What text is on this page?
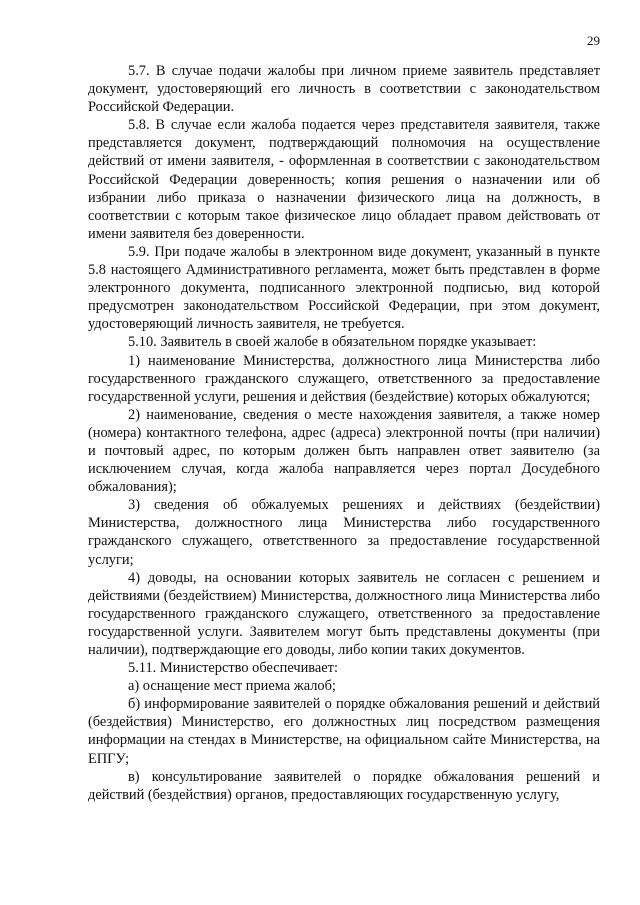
29

5.7. В случае подачи жалобы при личном приеме заявитель представляет документ, удостоверяющий его личность в соответствии с законодательством Российской Федерации.

5.8. В случае если жалоба подается через представителя заявителя, также представляется документ, подтверждающий полномочия на осуществление действий от имени заявителя, - оформленная в соответствии с законодательством Российской Федерации доверенность; копия решения о назначении или об избрании либо приказа о назначении физического лица на должность, в соответствии с которым такое физическое лицо обладает правом действовать от имени заявителя без доверенности.

5.9. При подаче жалобы в электронном виде документ, указанный в пункте 5.8 настоящего Административного регламента, может быть представлен в форме электронного документа, подписанного электронной подписью, вид которой предусмотрен законодательством Российской Федерации, при этом документ, удостоверяющий личность заявителя, не требуется.

5.10. Заявитель в своей жалобе в обязательном порядке указывает:

1) наименование Министерства, должностного лица Министерства либо государственного гражданского служащего, ответственного за предоставление государственной услуги, решения и действия (бездействие) которых обжалуются;

2) наименование, сведения о месте нахождения заявителя, а также номер (номера) контактного телефона, адрес (адреса) электронной почты (при наличии) и почтовый адрес, по которым должен быть направлен ответ заявителю (за исключением случая, когда жалоба направляется через портал Досудебного обжалования);

3) сведения об обжалуемых решениях и действиях (бездействии) Министерства, должностного лица Министерства либо государственного гражданского служащего, ответственного за предоставление государственной услуги;

4) доводы, на основании которых заявитель не согласен с решением и действиями (бездействием) Министерства, должностного лица Министерства либо государственного гражданского служащего, ответственного за предоставление государственной услуги. Заявителем могут быть представлены документы (при наличии), подтверждающие его доводы, либо копии таких документов.

5.11. Министерство обеспечивает:

а) оснащение мест приема жалоб;

б) информирование заявителей о порядке обжалования решений и действий (бездействия) Министерство, его должностных лиц посредством размещения информации на стендах в Министерстве, на официальном сайте Министерства, на ЕПГУ;

в) консультирование заявителей о порядке обжалования решений и действий (бездействия) органов, предоставляющих государственную услугу,
